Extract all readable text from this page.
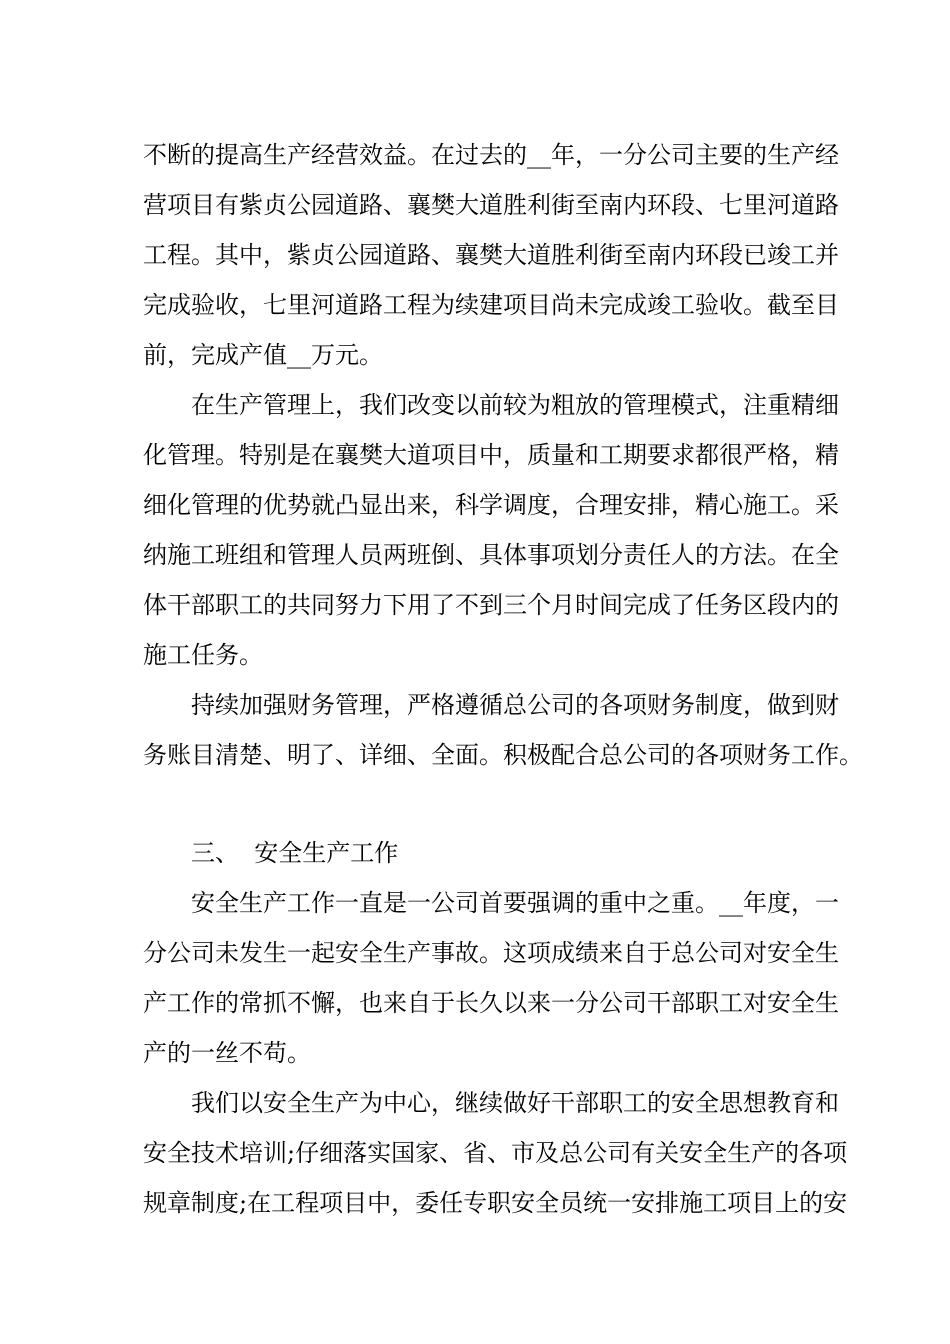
不断的提高生产经营效益。在过去的__年，一分公司主要的生产经

营项目有紫贞公园道路、襄樊大道胜利街至南内环段、七里河道路

工程。其中，紫贞公园道路、襄樊大道胜利街至南内环段已竣工并

完成验收，七里河道路工程为续建项目尚未完成竣工验收。截至目

前，完成产值__万元。

在生产管理上，我们改变以前较为粗放的管理模式，注重精细

化管理。特别是在襄樊大道项目中，质量和工期要求都很严格，精

细化管理的优势就凸显出来，科学调度，合理安排，精心施工。采

纳施工班组和管理人员两班倒、具体事项划分责任人的方法。在全

体干部职工的共同努力下用了不到三个月时间完成了任务区段内的

施工任务。

持续加强财务管理，严格遵循总公司的各项财务制度，做到财

务账目清楚、明了、详细、全面。积极配合总公司的各项财务工作。

三、  安全生产工作

安全生产工作一直是一公司首要强调的重中之重。__年度，一

分公司未发生一起安全生产事故。这项成绩来自于总公司对安全生

产工作的常抓不懈，也来自于长久以来一分公司干部职工对安全生

产的一丝不苟。

我们以安全生产为中心，继续做好干部职工的安全思想教育和

安全技术培训;仔细落实国家、省、市及总公司有关安全生产的各项

规章制度;在工程项目中，委任专职安全员统一安排施工项目上的安
